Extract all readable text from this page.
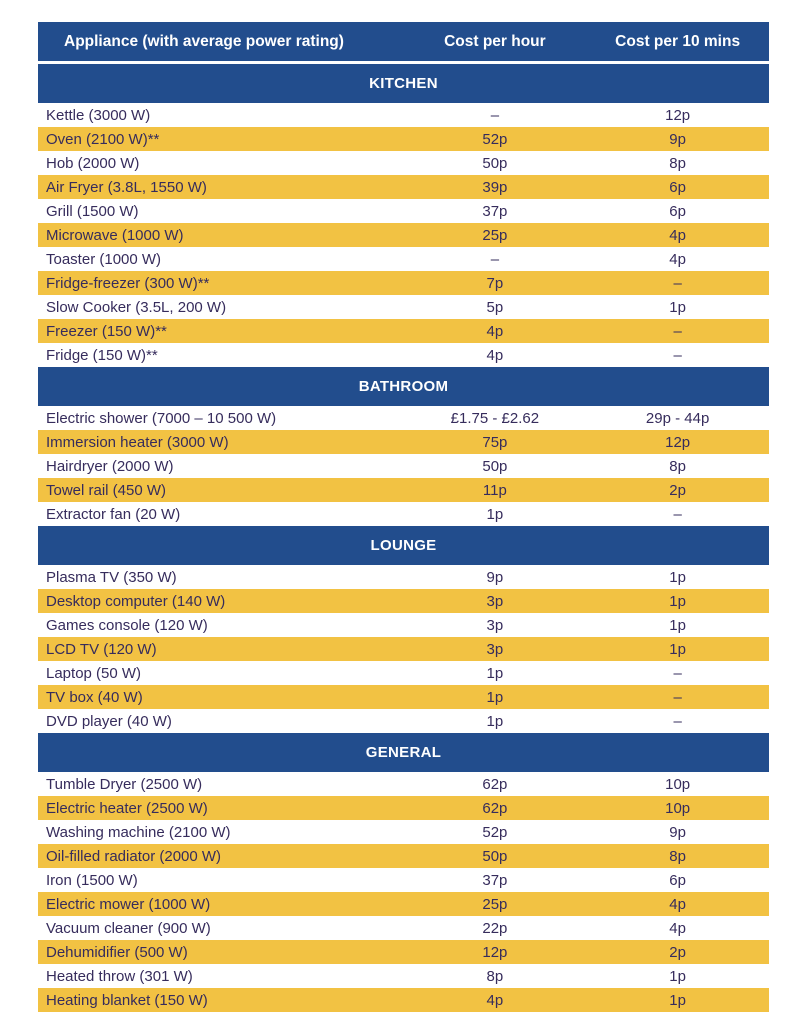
Appliance (with average power rating)	Cost per hour	Cost per 10 mins
KITCHEN
Kettle (3000 W)	–	12p
Oven (2100 W)**	52p	9p
Hob (2000 W)	50p	8p
Air Fryer (3.8L, 1550 W)	39p	6p
Grill (1500 W)	37p	6p
Microwave (1000 W)	25p	4p
Toaster (1000 W)	–	4p
Fridge-freezer (300 W)**	7p	–
Slow Cooker (3.5L, 200 W)	5p	1p
Freezer (150 W)**	4p	–
Fridge (150 W)**	4p	–
BATHROOM
Electric shower (7000 – 10 500 W)	£1.75 - £2.62	29p - 44p
Immersion heater (3000 W)	75p	12p
Hairdryer (2000 W)	50p	8p
Towel rail (450 W)	11p	2p
Extractor fan (20 W)	1p	–
LOUNGE
Plasma TV (350 W)	9p	1p
Desktop computer (140 W)	3p	1p
Games console (120 W)	3p	1p
LCD TV (120 W)	3p	1p
Laptop (50 W)	1p	–
TV box (40 W)	1p	–
DVD player (40 W)	1p	–
GENERAL
Tumble Dryer (2500 W)	62p	10p
Electric heater (2500 W)	62p	10p
Washing machine (2100 W)	52p	9p
Oil-filled radiator (2000 W)	50p	8p
Iron (1500 W)	37p	6p
Electric mower (1000 W)	25p	4p
Vacuum cleaner (900 W)	22p	4p
Dehumidifier (500 W)	12p	2p
Heated throw (301 W)	8p	1p
Heating blanket (150 W)	4p	1p
